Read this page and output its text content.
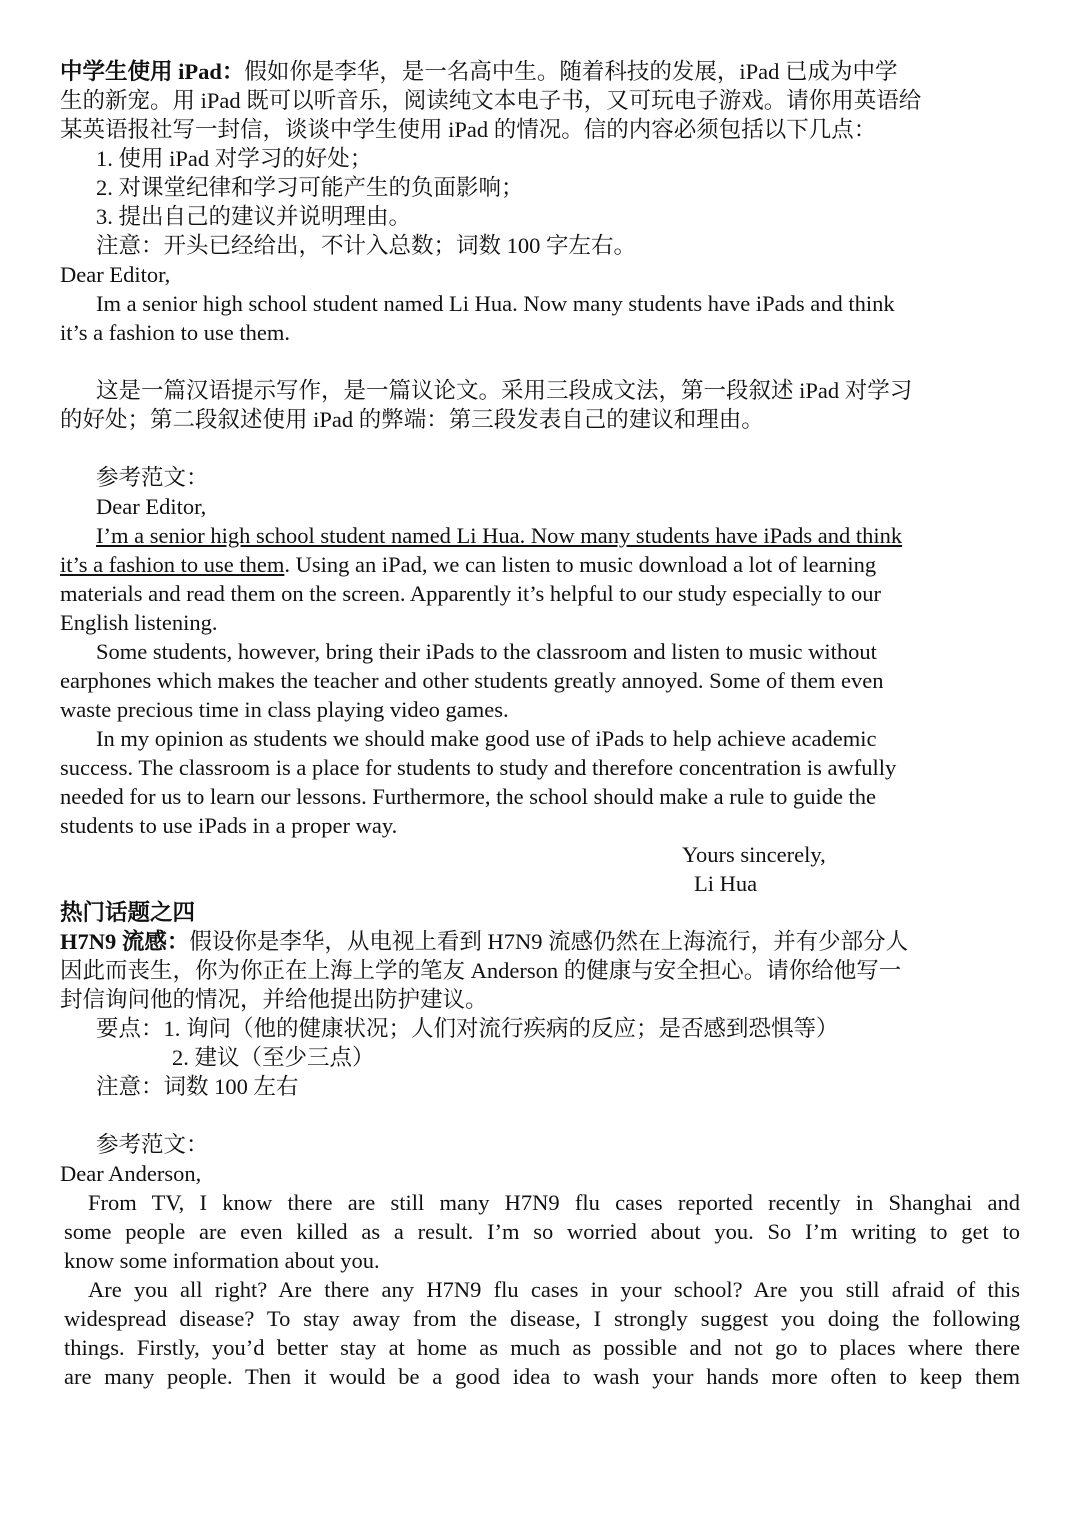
中学生使用 iPad：假如你是李华，是一名高中生。随着科技的发展，iPad 已成为中学
生的新宠。用 iPad 既可以听音乐，阅读纯文本电子书，又可玩电子游戏。请你用英语给
某英语报社写一封信，谈谈中学生使用 iPad 的情况。信的内容必须包括以下几点：
1. 使用 iPad 对学习的好处；
2. 对课堂纪律和学习可能产生的负面影响；
3. 提出自己的建议并说明理由。
注意：开头已经给出，不计入总数；词数 100 字左右。
Dear Editor,
Im a senior high school student named Li Hua. Now many students have iPads and think
it’s a fashion to use them.
这是一篇汉语提示写作，是一篇议论文。采用三段成文法，第一段叙述 iPad 对学习
的好处；第二段叙述使用 iPad 的弊端：第三段发表自己的建议和理由。
参考范文：
Dear Editor,
I’m a senior high school student named Li Hua. Now many students have iPads and think
it’s a fashion to use them. Using an iPad, we can listen to music download a lot of learning
materials and read them on the screen. Apparently it’s helpful to our study especially to our
English listening.
Some students, however, bring their iPads to the classroom and listen to music without
earphones which makes the teacher and other students greatly annoyed. Some of them even
waste precious time in class playing video games.
In my opinion as students we should make good use of iPads to help achieve academic
success. The classroom is a place for students to study and therefore concentration is awfully
needed for us to learn our lessons. Furthermore, the school should make a rule to guide the
students to use iPads in a proper way.
Yours sincerely,
Li Hua
热门话题之四
H7N9 流感：假设你是李华，从电视上看到 H7N9 流感仍然在上海流行，并有少部分人
因此而丧生，你为你正在上海上学的笔友 Anderson 的健康与安全担心。请你给他写一
封信询问他的情况，并给他提出防护建议。
要点：1. 询问（他的健康状况；人们对流行疾病的反应；是否感到恐惧等）
2. 建议（至少三点）
注意：词数 100 左右
参考范文：
Dear Anderson,
From TV, I know there are still many H7N9 flu cases reported recently in Shanghai and
some people are even killed as a result. I’m so worried about you. So I’m writing to get to
know some information about you.
Are you all right? Are there any H7N9 flu cases in your school? Are you still afraid of this
widespread disease? To stay away from the disease, I strongly suggest you doing the following
things. Firstly, you’d better stay at home as much as possible and not go to places where there
are many people. Then it would be a good idea to wash your hands more often to keep them
